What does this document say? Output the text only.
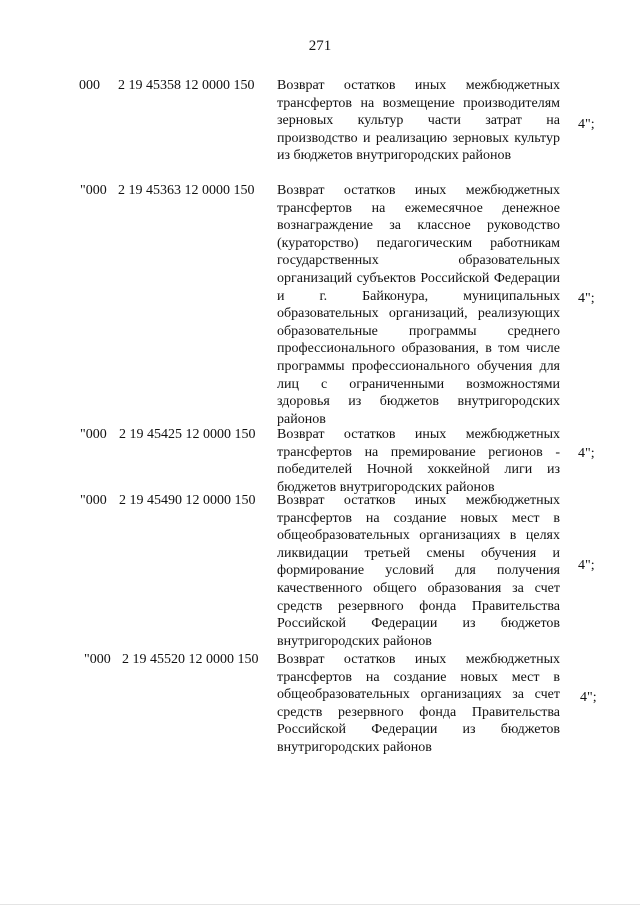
271
000 2 19 45358 12 0000 150 Возврат остатков иных межбюджетных трансфертов на возмещение производителям зерновых культур части затрат на производство и реализацию зерновых культур из бюджетов внутригородских районов
4";
"000 2 19 45363 12 0000 150 Возврат остатков иных межбюджетных трансфертов на ежемесячное денежное вознаграждение за классное руководство (кураторство) педагогическим работникам государственных образовательных организаций субъектов Российской Федерации и г. Байконура, муниципальных образовательных организаций, реализующих образовательные программы среднего профессионального образования, в том числе программы профессионального обучения для лиц с ограниченными возможностями здоровья из бюджетов внутригородских районов
4";
"000 2 19 45425 12 0000 150 Возврат остатков иных межбюджетных трансфертов на премирование регионов - победителей Ночной хоккейной лиги из бюджетов внутригородских районов
4";
"000 2 19 45490 12 0000 150 Возврат остатков иных межбюджетных трансфертов на создание новых мест в общеобразовательных организациях в целях ликвидации третьей смены обучения и формирование условий для получения качественного общего образования за счет средств резервного фонда Правительства Российской Федерации из бюджетов внутригородских районов
4";
"000 2 19 45520 12 0000 150 Возврат остатков иных межбюджетных трансфертов на создание новых мест в общеобразовательных организациях за счет средств резервного фонда Правительства Российской Федерации из бюджетов внутригородских районов
4";
